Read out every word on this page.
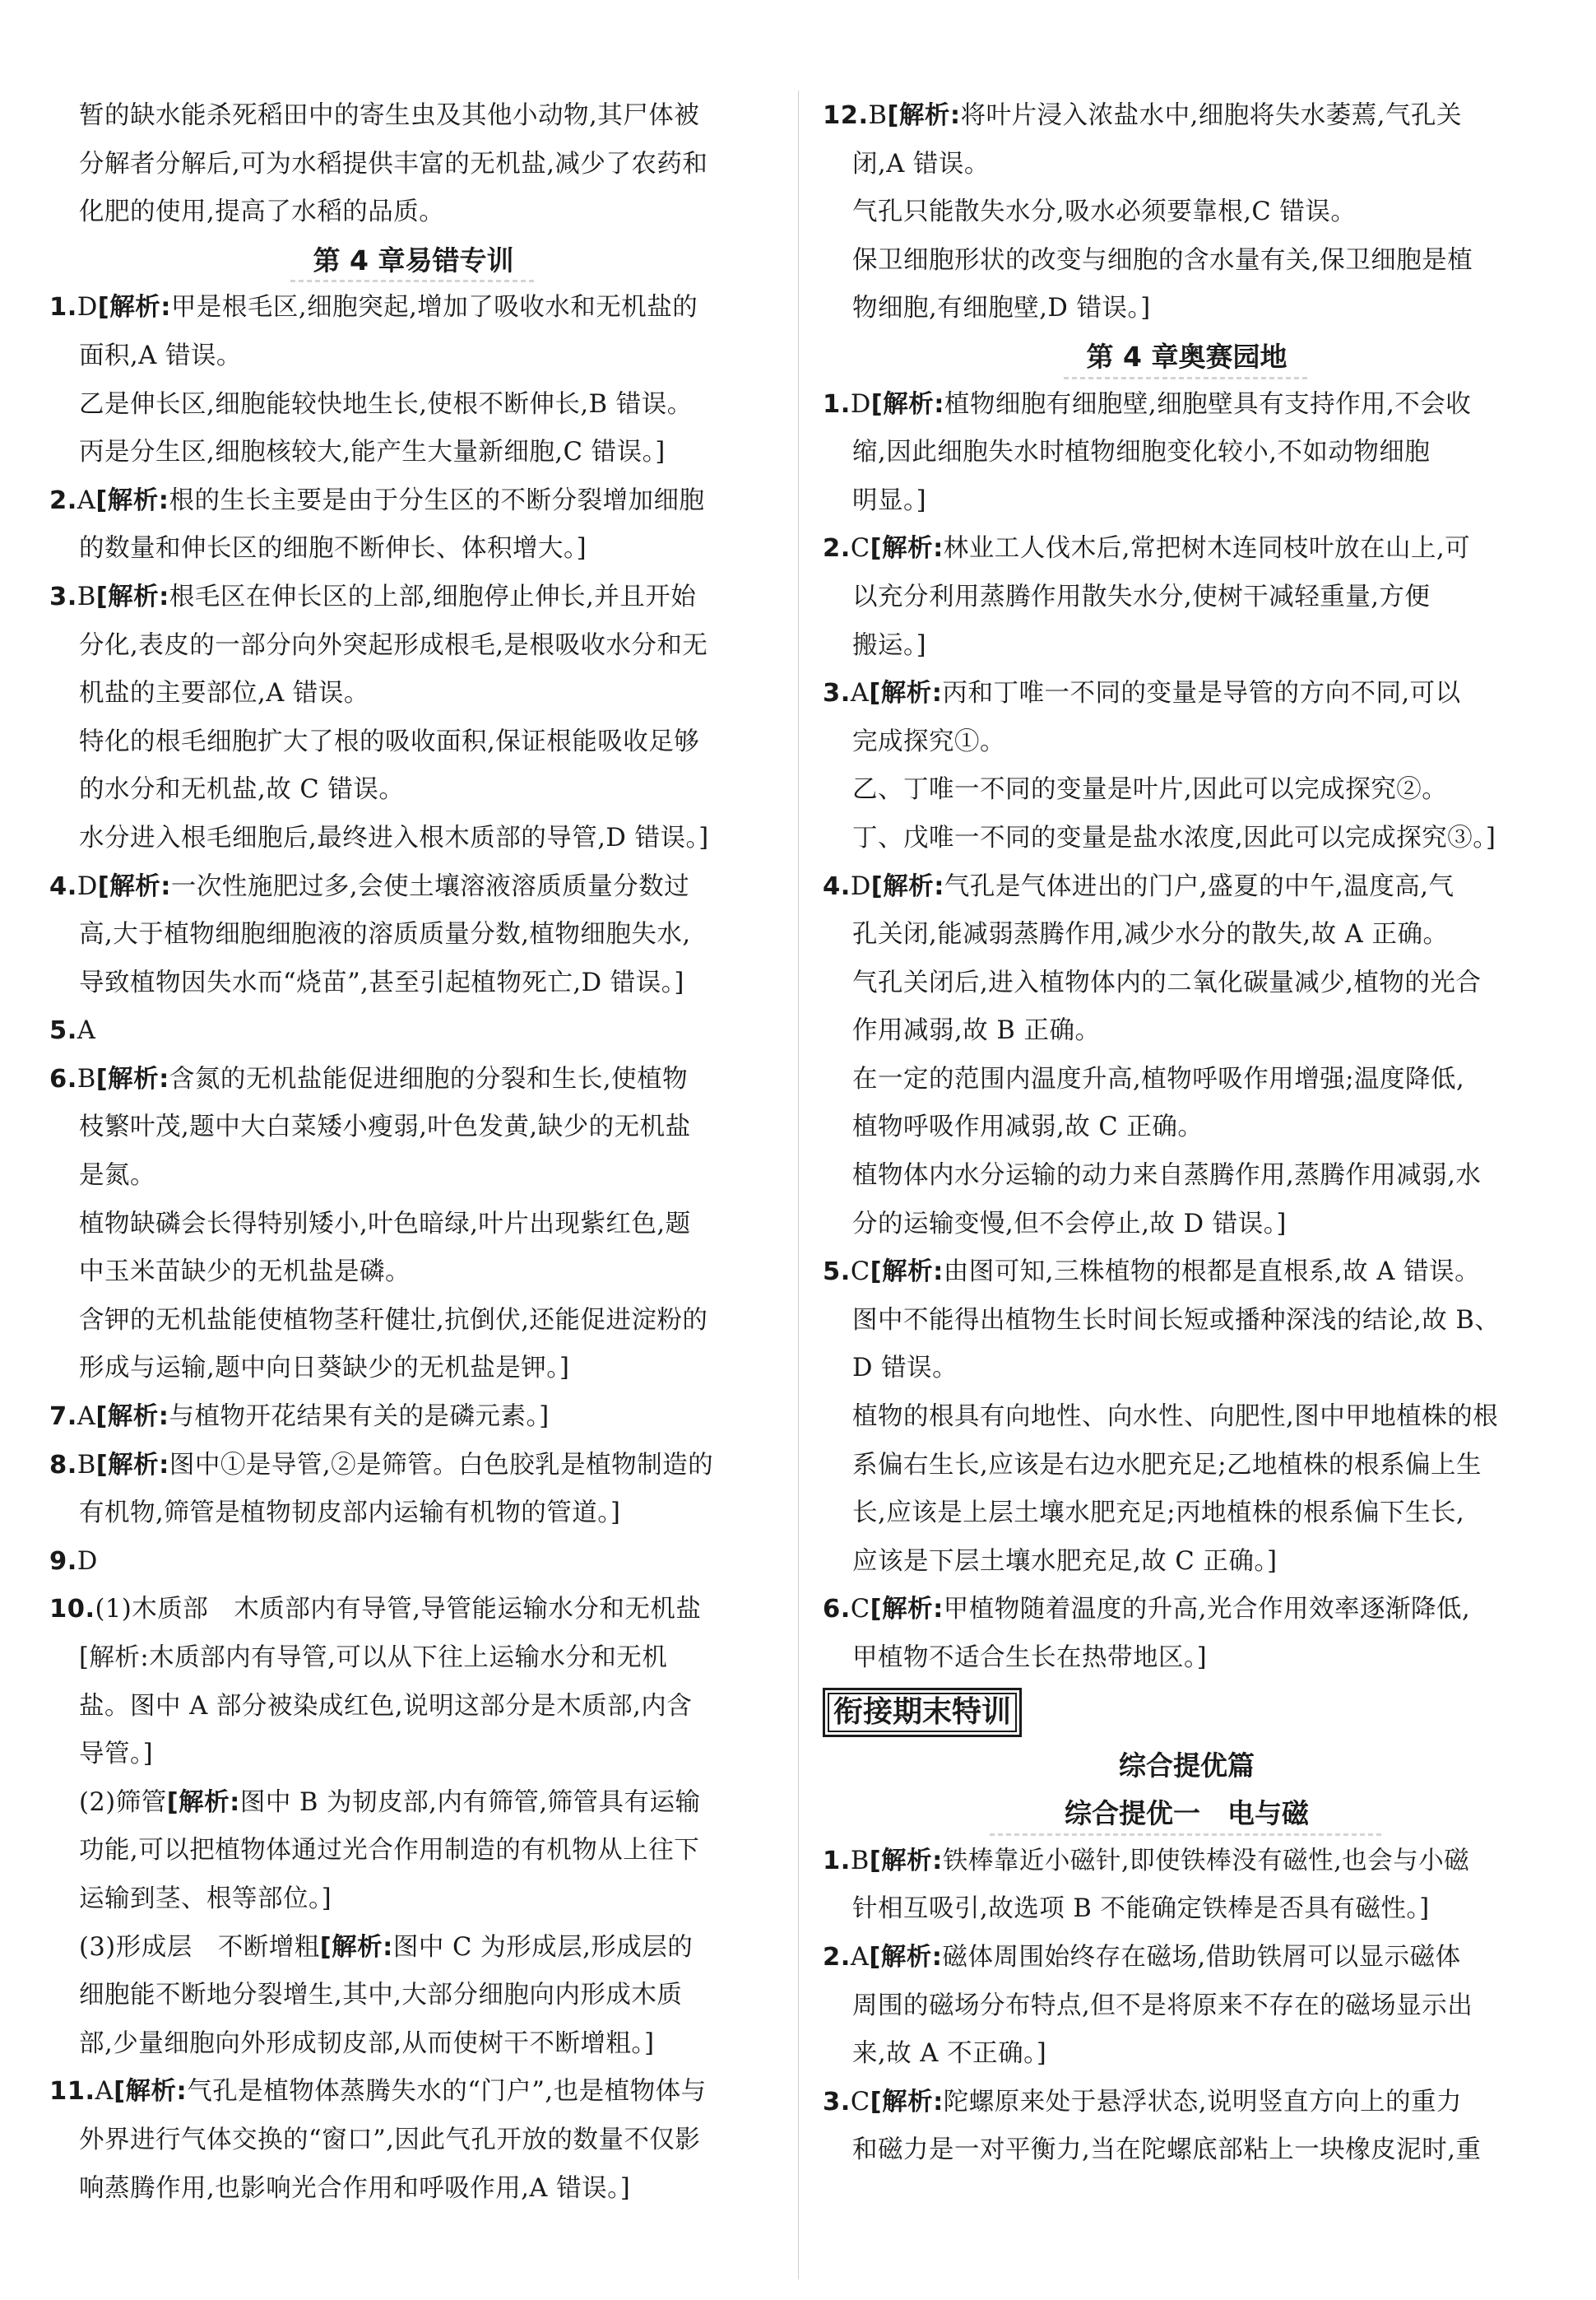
暂的缺水能杀死稻田中的寄生虫及其他小动物,其尸体被

分解者分解后,可为水稻提供丰富的无机盐,减少了农药和

化肥的使用,提高了水稻的品质。

第 4 章易错专训

1.D[解析:甲是根毛区,细胞突起,增加了吸收水和无机盐的

面积,A 错误。

乙是伸长区,细胞能较快地生长,使根不断伸长,B 错误。

丙是分生区,细胞核较大,能产生大量新细胞,C 错误。]

2.A[解析:根的生长主要是由于分生区的不断分裂增加细胞

的数量和伸长区的细胞不断伸长、体积增大。]

3.B[解析:根毛区在伸长区的上部,细胞停止伸长,并且开始

分化,表皮的一部分向外突起形成根毛,是根吸收水分和无

机盐的主要部位,A 错误。

特化的根毛细胞扩大了根的吸收面积,保证根能吸收足够

的水分和无机盐,故 C 错误。

水分进入根毛细胞后,最终进入根木质部的导管,D 错误。]

4.D[解析:一次性施肥过多,会使土壤溶液溶质质量分数过

高,大于植物细胞细胞液的溶质质量分数,植物细胞失水,

导致植物因失水而“烧苗”,甚至引起植物死亡,D 错误。]

5.A

6.B[解析:含氮的无机盐能促进细胞的分裂和生长,使植物

枝繁叶茂,题中大白菜矮小瘦弱,叶色发黄,缺少的无机盐

是氮。

植物缺磷会长得特别矮小,叶色暗绿,叶片出现紫红色,题

中玉米苗缺少的无机盐是磷。

含钾的无机盐能使植物茎秆健壮,抗倒伏,还能促进淀粉的

形成与运输,题中向日葵缺少的无机盐是钾。]

7.A[解析:与植物开花结果有关的是磷元素。]

8.B[解析:图中①是导管,②是筛管。白色胶乳是植物制造的

有机物,筛管是植物韧皮部内运输有机物的管道。]

9.D

10.(1)木质部　木质部内有导管,导管能运输水分和无机盐

[解析:木质部内有导管,可以从下往上运输水分和无机

盐。图中 A 部分被染成红色,说明这部分是木质部,内含

导管。]

(2)筛管[解析:图中 B 为韧皮部,内有筛管,筛管具有运输

功能,可以把植物体通过光合作用制造的有机物从上往下

运输到茎、根等部位。]

(3)形成层　不断增粗[解析:图中 C 为形成层,形成层的

细胞能不断地分裂增生,其中,大部分细胞向内形成木质

部,少量细胞向外形成韧皮部,从而使树干不断增粗。]

11.A[解析:气孔是植物体蒸腾失水的“门户”,也是植物体与

外界进行气体交换的“窗口”,因此气孔开放的数量不仅影

响蒸腾作用,也影响光合作用和呼吸作用,A 错误。]

12.B[解析:将叶片浸入浓盐水中,细胞将失水萎蔫,气孔关

闭,A 错误。

气孔只能散失水分,吸水必须要靠根,C 错误。

保卫细胞形状的改变与细胞的含水量有关,保卫细胞是植

物细胞,有细胞壁,D 错误。]

第 4 章奥赛园地

1.D[解析:植物细胞有细胞壁,细胞壁具有支持作用,不会收

缩,因此细胞失水时植物细胞变化较小,不如动物细胞

明显。]

2.C[解析:林业工人伐木后,常把树木连同枝叶放在山上,可

以充分利用蒸腾作用散失水分,使树干减轻重量,方便

搬运。]

3.A[解析:丙和丁唯一不同的变量是导管的方向不同,可以

完成探究①。

乙、丁唯一不同的变量是叶片,因此可以完成探究②。

丁、戊唯一不同的变量是盐水浓度,因此可以完成探究③。]

4.D[解析:气孔是气体进出的门户,盛夏的中午,温度高,气

孔关闭,能减弱蒸腾作用,减少水分的散失,故 A 正确。

气孔关闭后,进入植物体内的二氧化碳量减少,植物的光合

作用减弱,故 B 正确。

在一定的范围内温度升高,植物呼吸作用增强;温度降低,

植物呼吸作用减弱,故 C 正确。

植物体内水分运输的动力来自蒸腾作用,蒸腾作用减弱,水

分的运输变慢,但不会停止,故 D 错误。]

5.C[解析:由图可知,三株植物的根都是直根系,故 A 错误。

图中不能得出植物生长时间长短或播种深浅的结论,故 B、

D 错误。

植物的根具有向地性、向水性、向肥性,图中甲地植株的根

系偏右生长,应该是右边水肥充足;乙地植株的根系偏上生

长,应该是上层土壤水肥充足;丙地植株的根系偏下生长,

应该是下层土壤水肥充足,故 C 正确。]

6.C[解析:甲植物随着温度的升高,光合作用效率逐渐降低,

甲植物不适合生长在热带地区。]

衔接期末特训
综合提优篇
综合提优一　电与磁

1.B[解析:铁棒靠近小磁针,即使铁棒没有磁性,也会与小磁

针相互吸引,故选项 B 不能确定铁棒是否具有磁性。]

2.A[解析:磁体周围始终存在磁场,借助铁屑可以显示磁体

周围的磁场分布特点,但不是将原来不存在的磁场显示出

来,故 A 不正确。]

3.C[解析:陀螺原来处于悬浮状态,说明竖直方向上的重力

和磁力是一对平衡力,当在陀螺底部粘上一块橡皮泥时,重
